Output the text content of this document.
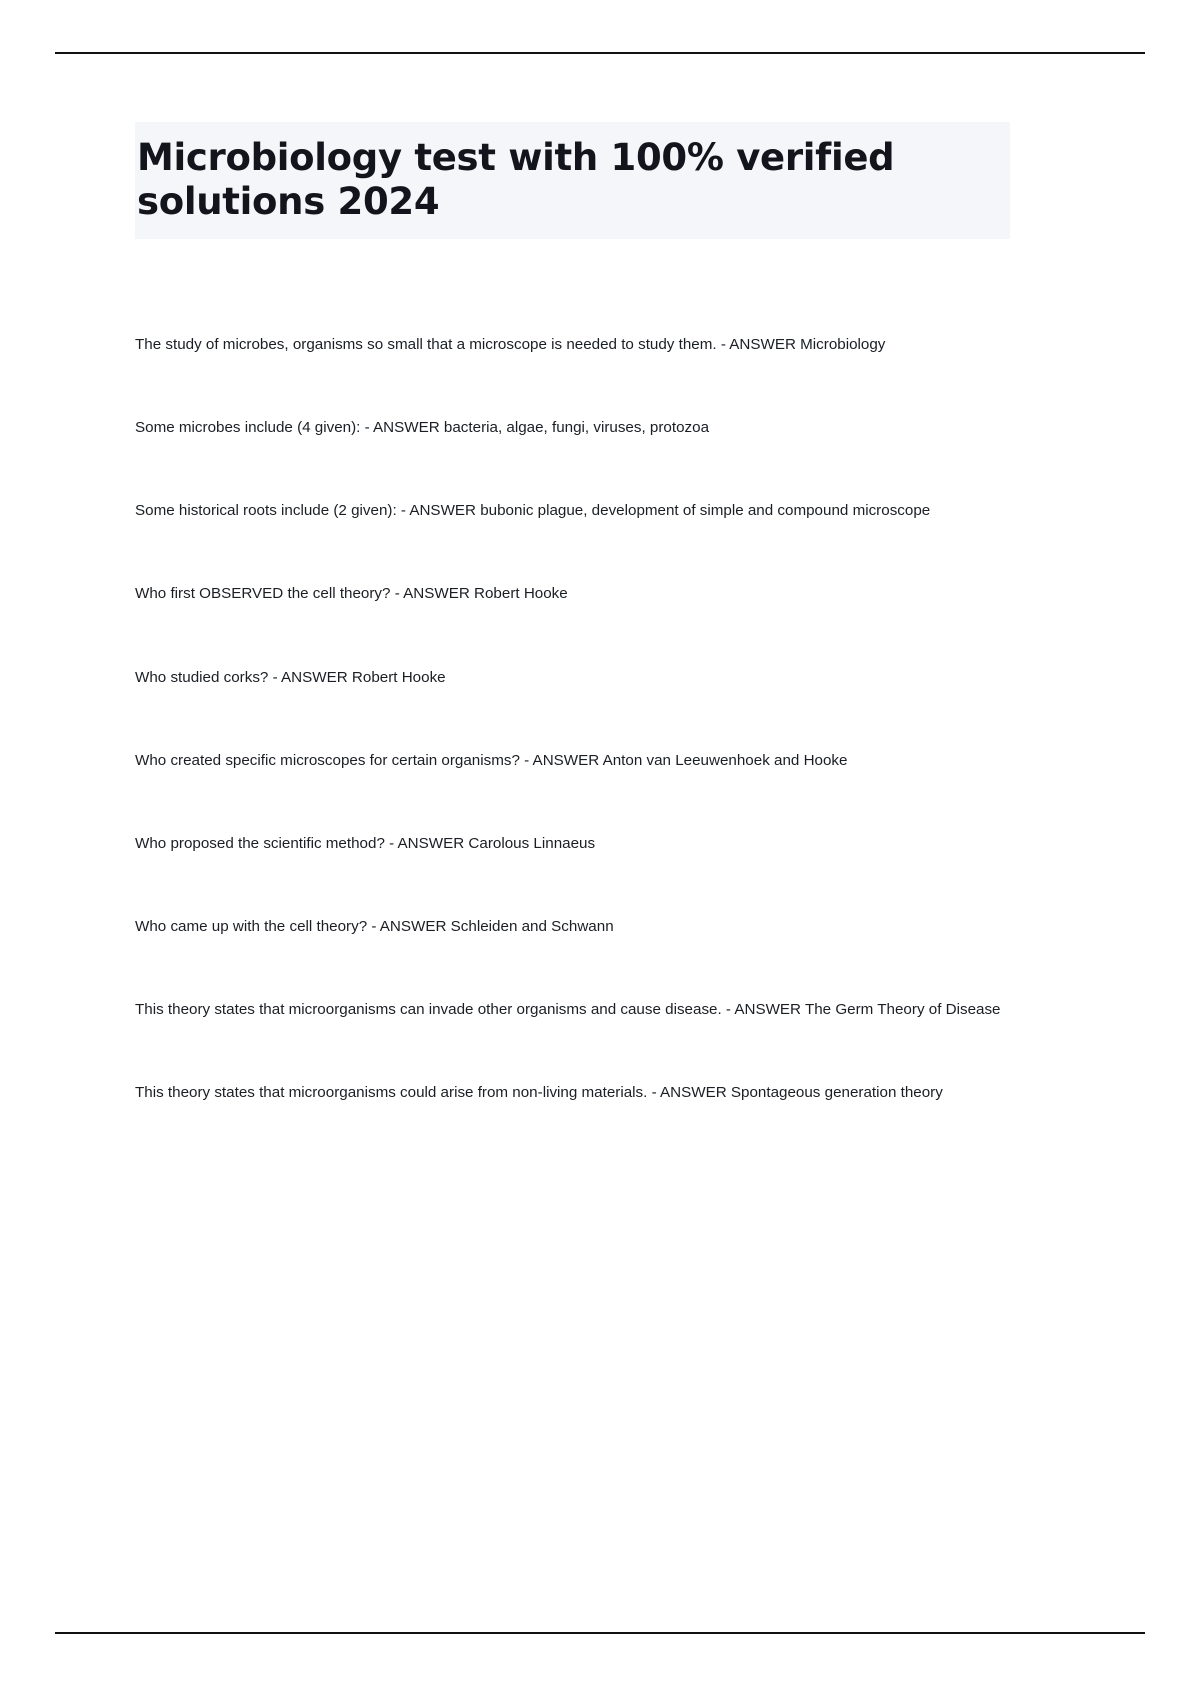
Microbiology test with 100% verified solutions 2024

The study of microbes, organisms so small that a microscope is needed to study them. - ANSWER Microbiology

Some microbes include (4 given): - ANSWER bacteria, algae, fungi, viruses, protozoa

Some historical roots include (2 given): - ANSWER bubonic plague, development of simple and compound microscope

Who first OBSERVED the cell theory? - ANSWER Robert Hooke

Who studied corks? - ANSWER Robert Hooke

Who created specific microscopes for certain organisms? - ANSWER Anton van Leeuwenhoek and Hooke

Who proposed the scientific method? - ANSWER Carolous Linnaeus

Who came up with the cell theory? - ANSWER Schleiden and Schwann

This theory states that microorganisms can invade other organisms and cause disease. - ANSWER The Germ Theory of Disease

This theory states that microorganisms could arise from non-living materials. - ANSWER Spontageous generation theory
